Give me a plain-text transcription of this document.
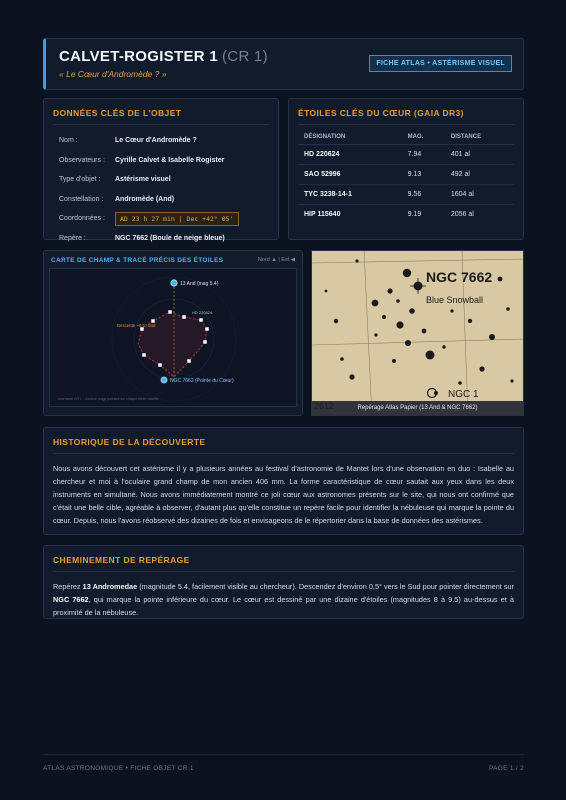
CALVET-ROGISTER 1 (CR 1)
« Le Cœur d'Andromède ? »
FICHE ATLAS • ASTÉRISME VISUEL
DONNÉES CLÉS DE L'OBJET
Nom :	Le Cœur d'Andromède ?
Observateurs :	Cyrille Calvet & Isabelle Rogister
Type d'objet :	Astérisme visuel
Constellation :	Andromède (And)
Coordonnées :	AD 23 h 27 min | Dec +42° 05'
Repère :	NGC 7662 (Boule de neige bleue)
ÉTOILES CLÉS DU CŒUR (GAIA DR3)
DÉSIGNATION	MAG.	DISTANCE
HD 220624	7.94	401 al
SAO 52996	9.13	492 al
TYC 3238-14-1	9.56	1604 al
HIP 115640	9.19	2056 al
CARTE DE CHAMP & TRACÉ PRÉCIS DES ÉTOILES	Nord ▲ | Est ◀
13 And (mag 5.4)
NGC 7662 (Pointe du Cœur)
Descente ~0.5° Sud
HD 220624
Asterisme CR 1 - Contour rouge pointant sur chaque étoile visuelle
NGC 7662
Blue Snowball
NGC 1
Repérage Atlas Papier (13 And & NGC 7662)
HISTORIQUE DE LA DÉCOUVERTE

Nous avons découvert cet astérisme il y a plusieurs années au festival d'astronomie de Mantet lors d'une observation en duo : Isabelle au chercheur et moi à l'oculaire grand champ de mon ancien 406 mm. La forme caractéristique de cœur sautait aux yeux dans les deux instruments en simultané. Nous avons immédiatement montré ce joli cœur aux astronomes présents sur le site, qui nous ont confirmé que c'était une belle cible, agréable à observer, d'autant plus qu'elle constitue un repère facile pour identifier la nébuleuse qui marque la pointe du cœur. Depuis, nous l'avons réobservé des dizaines de fois et envisageons de le répertorier dans la base de données des astérismes.

CHEMINEMENT DE REPÉRAGE

Repérez 13 Andromedae (magnitude 5.4, facilement visible au chercheur). Descendez d'environ 0,5° vers le Sud pour pointer directement sur NGC 7662, qui marque la pointe inférieure du cœur. Le cœur est dessiné par une dizaine d'étoiles (magnitudes 8 à 9.5) au-dessus et à proximité de la nébuleuse.

ATLAS ASTRONOMIQUE • FICHE OBJET CR 1	PAGE 1 / 2
